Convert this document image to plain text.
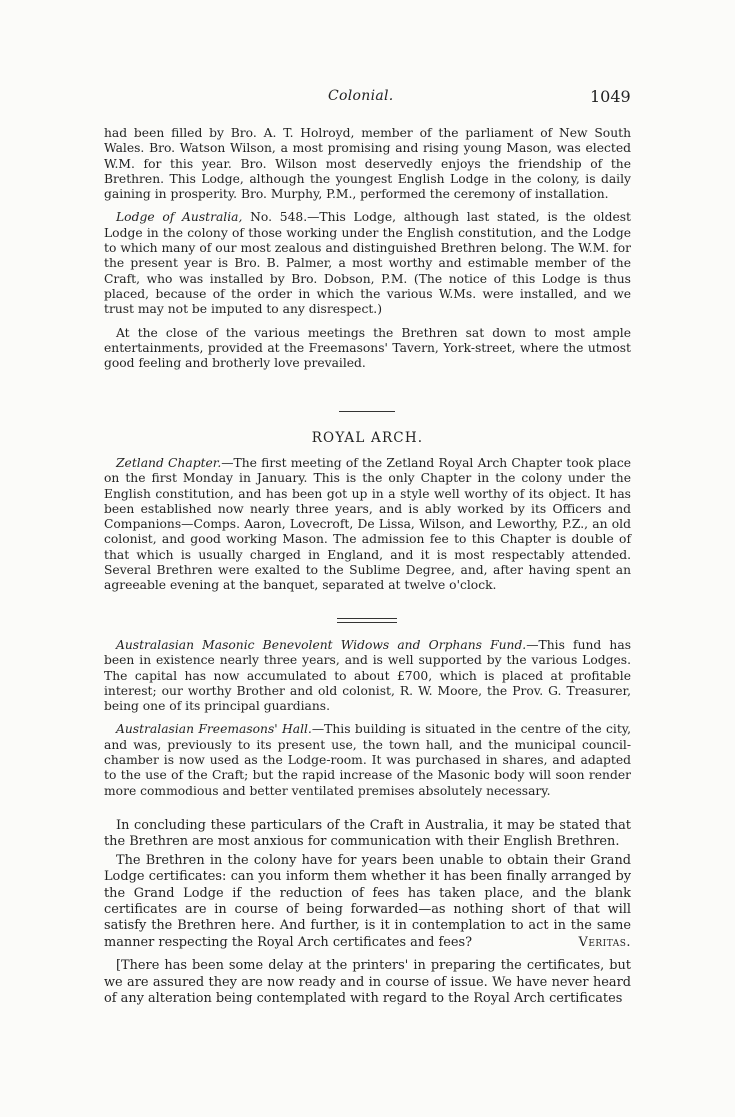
Colonial.	1049

had been filled by Bro. A. T. Holroyd, member of the parliament of New South Wales. Bro. Watson Wilson, a most promising and rising young Mason, was elected W.M. for this year. Bro. Wilson most deservedly enjoys the friendship of the Brethren. This Lodge, although the youngest English Lodge in the colony, is daily gaining in prosperity. Bro. Murphy, P.M., performed the ceremony of installation.

Lodge of Australia, No. 548.—This Lodge, although last stated, is the oldest Lodge in the colony of those working under the English constitution, and the Lodge to which many of our most zealous and distinguished Brethren belong. The W.M. for the present year is Bro. B. Palmer, a most worthy and estimable member of the Craft, who was installed by Bro. Dobson, P.M. (The notice of this Lodge is thus placed, because of the order in which the various W.Ms. were installed, and we trust may not be imputed to any disrespect.)

At the close of the various meetings the Brethren sat down to most ample entertainments, provided at the Freemasons' Tavern, York-street, where the utmost good feeling and brotherly love prevailed.

ROYAL ARCH.

Zetland Chapter.—The first meeting of the Zetland Royal Arch Chapter took place on the first Monday in January. This is the only Chapter in the colony under the English constitution, and has been got up in a style well worthy of its object. It has been established now nearly three years, and is ably worked by its Officers and Companions—Comps. Aaron, Lovecroft, De Lissa, Wilson, and Leworthy, P.Z., an old colonist, and good working Mason. The admission fee to this Chapter is double of that which is usually charged in England, and it is most respectably attended. Several Brethren were exalted to the Sublime Degree, and, after having spent an agreeable evening at the banquet, separated at twelve o'clock.

Australasian Masonic Benevolent Widows and Orphans Fund.—This fund has been in existence nearly three years, and is well supported by the various Lodges. The capital has now accumulated to about £700, which is placed at profitable interest; our worthy Brother and old colonist, R. W. Moore, the Prov. G. Treasurer, being one of its principal guardians.

Australasian Freemasons' Hall.—This building is situated in the centre of the city, and was, previously to its present use, the town hall, and the municipal council-chamber is now used as the Lodge-room. It was purchased in shares, and adapted to the use of the Craft; but the rapid increase of the Masonic body will soon render more commodious and better ventilated premises absolutely necessary.

In concluding these particulars of the Craft in Australia, it may be stated that the Brethren are most anxious for communication with their English Brethren.

The Brethren in the colony have for years been unable to obtain their Grand Lodge certificates: can you inform them whether it has been finally arranged by the Grand Lodge if the reduction of fees has taken place, and the blank certificates are in course of being forwarded—as nothing short of that will satisfy the Brethren here. And further, is it in contemplation to act in the same manner respecting the Royal Arch certificates and fees?	Veritas.

[There has been some delay at the printers' in preparing the certificates, but we are assured they are now ready and in course of issue. We have never heard of any alteration being contemplated with regard to the Royal Arch certificates
